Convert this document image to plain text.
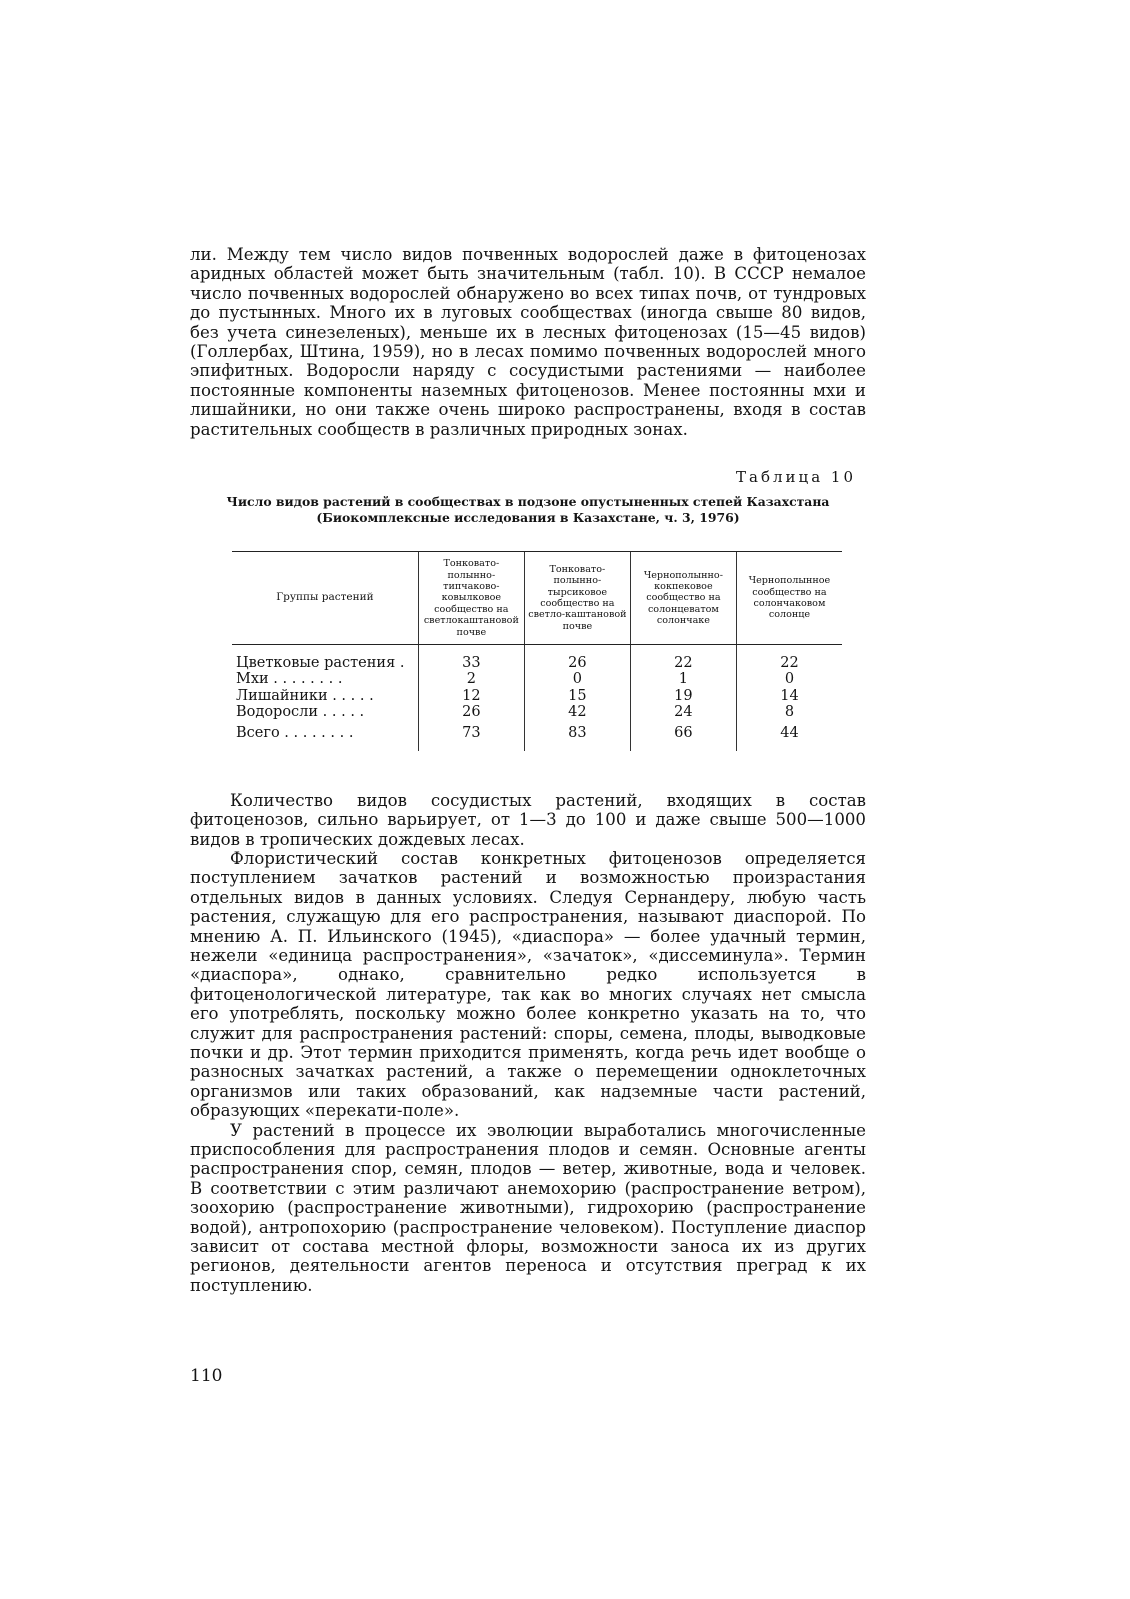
ли. Между тем число видов почвенных водорослей даже в фитоценозах аридных областей может быть значительным (табл. 10). В СССР немалое число почвенных водорослей обнаружено во всех типах почв, от тундровых до пустынных. Много их в луговых сообществах (иногда свыше 80 видов, без учета синезеленых), меньше их в лесных фитоценозах (15—45 видов) (Голлербах, Штина, 1959), но в лесах помимо почвенных водорослей много эпифитных. Водоросли наряду с сосудистыми растениями — наиболее постоянные компоненты наземных фитоценозов. Менее постоянны мхи и лишайники, но они также очень широко распространены, входя в состав растительных сообществ в различных природных зонах.

Таблица 10
Число видов растений в сообществах в подзоне опустыненных степей Казахстана (Биокомплексные исследования в Казахстане, ч. 3, 1976)
Группы растений	Тонковато-полынно-типчаково-ковылковое сообщество на светлокаштановой почве	Тонковато-полынно-тырсиковое сообщество на светло-каштановой почве	Чернополынно-кокпековое сообщество на солонцеватом солончаке	Чернополынное сообщество на солончаковом солонце

Цветковые растения .	33	26	22	22
Мхи . . . . . . . .	2	0	1	0
Лишайники . . . . .	12	15	19	14
Водоросли . . . . .	26	42	24	8
Всего . . . . . . . .	73	83	66	44

Количество видов сосудистых растений, входящих в состав фитоценозов, сильно варьирует, от 1—3 до 100 и даже свыше 500—1000 видов в тропических дождевых лесах.

Флористический состав конкретных фитоценозов определяется поступлением зачатков растений и возможностью произрастания отдельных видов в данных условиях. Следуя Сернандеру, любую часть растения, служащую для его распространения, называют диаспорой. По мнению А. П. Ильинского (1945), «диаспора» — более удачный термин, нежели «единица распространения», «зачаток», «диссеминула». Термин «диаспора», однако, сравнительно редко используется в фитоценологической литературе, так как во многих случаях нет смысла его употреблять, поскольку можно более конкретно указать на то, что служит для распространения растений: споры, семена, плоды, выводковые почки и др. Этот термин приходится применять, когда речь идет вообще о разносных зачатках растений, а также о перемещении одноклеточных организмов или таких образований, как надземные части растений, образующих «перекати-поле».

У растений в процессе их эволюции выработались многочисленные приспособления для распространения плодов и семян. Основные агенты распространения спор, семян, плодов — ветер, животные, вода и человек. В соответствии с этим различают анемохорию (распространение ветром), зоохорию (распространение животными), гидрохорию (распространение водой), антропохорию (распространение человеком). Поступление диаспор зависит от состава местной флоры, возможности заноса их из других регионов, деятельности агентов переноса и отсутствия преград к их поступлению.

110
